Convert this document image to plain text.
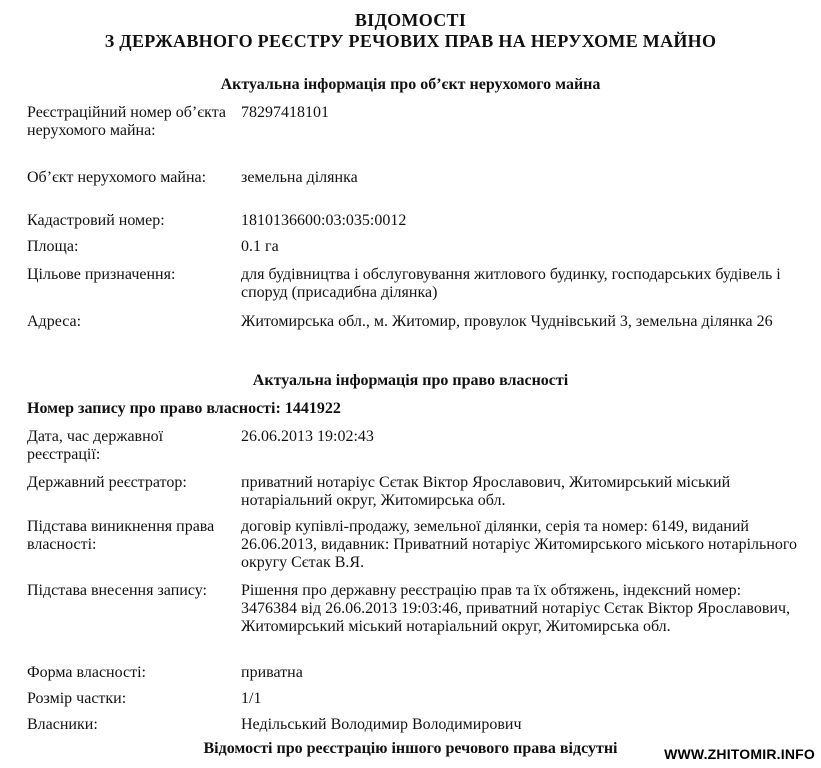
ВІДОМОСТІ
З ДЕРЖАВНОГО РЕЄСТРУ РЕЧОВИХ ПРАВ НА НЕРУХОМЕ МАЙНО
Актуальна інформація про об’єкт нерухомого майна
Реєстраційний номер об’єкта нерухомого майна:
78297418101
Об’єкт нерухомого майна:	земельна ділянка
Кадастровий номер:	1810136600:03:035:0012
Площа:	0.1 га
Цільове призначення:	для будівництва і обслуговування житлового будинку, господарських будівель і споруд (присадибна ділянка)
Адреса:	Житомирська обл., м. Житомир, провулок Чуднівський 3, земельна ділянка 26
Актуальна інформація про право власності
Номер запису про право власності: 1441922
Дата, час державної реєстрації:
26.06.2013 19:02:43
Державний реєстратор:	приватний нотаріус Сєтак Віктор Ярославович, Житомирський міський нотаріальний округ, Житомирська обл.
Підстава виникнення права власності:
договір купівлі-продажу, земельної ділянки, серія та номер: 6149, виданий 26.06.2013, видавник: Приватний нотаріус Житомирського міського нотарільного округу Сєтак В.Я.
Підстава внесення запису:	Рішення про державну реєстрацію прав та їх обтяжень, індексний номер: 3476384 від 26.06.2013 19:03:46, приватний нотаріус Сєтак Віктор Ярославович, Житомирський міський нотаріальний округ, Житомирська обл.
Форма власності:	приватна
Розмір частки:	1/1
Власники:	Недільський Володимир Володимирович
Відомості про реєстрацію іншого речового права відсутні	WWW.ZHITOMIR.INFO
